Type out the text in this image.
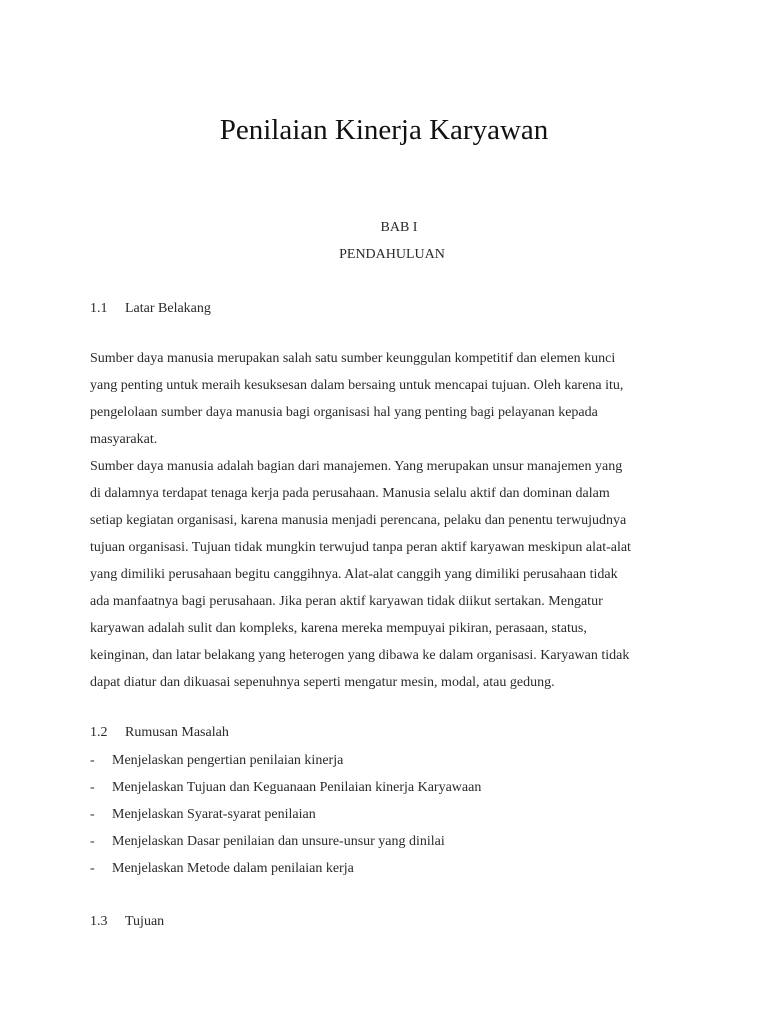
Penilaian Kinerja Karyawan
BAB I
PENDAHULUAN
1.1 Latar Belakang
Sumber daya manusia merupakan salah satu sumber keunggulan kompetitif dan elemen kunci
yang penting untuk meraih kesuksesan dalam bersaing untuk mencapai tujuan. Oleh karena itu,
pengelolaan sumber daya manusia bagi organisasi hal yang penting bagi pelayanan kepada
masyarakat.
Sumber daya manusia adalah bagian dari manajemen. Yang merupakan unsur manajemen yang
di dalamnya terdapat tenaga kerja pada perusahaan. Manusia selalu aktif dan dominan dalam
setiap kegiatan organisasi, karena manusia menjadi perencana, pelaku dan penentu terwujudnya
tujuan organisasi. Tujuan tidak mungkin terwujud tanpa peran aktif karyawan meskipun alat-alat
yang dimiliki perusahaan begitu canggihnya. Alat-alat canggih yang dimiliki perusahaan tidak
ada manfaatnya bagi perusahaan. Jika peran aktif karyawan tidak diikut sertakan. Mengatur
karyawan adalah sulit dan kompleks, karena mereka mempuyai pikiran, perasaan, status,
keinginan, dan latar belakang yang heterogen yang dibawa ke dalam organisasi. Karyawan tidak
dapat diatur dan dikuasai sepenuhnya seperti mengatur mesin, modal, atau gedung.
1.2 Rumusan Masalah
- Menjelaskan pengertian penilaian kinerja
- Menjelaskan Tujuan dan Keguanaan Penilaian kinerja Karyawaan
- Menjelaskan Syarat-syarat penilaian
- Menjelaskan Dasar penilaian dan unsure-unsur yang dinilai
- Menjelaskan Metode dalam penilaian kerja
1.3 Tujuan
